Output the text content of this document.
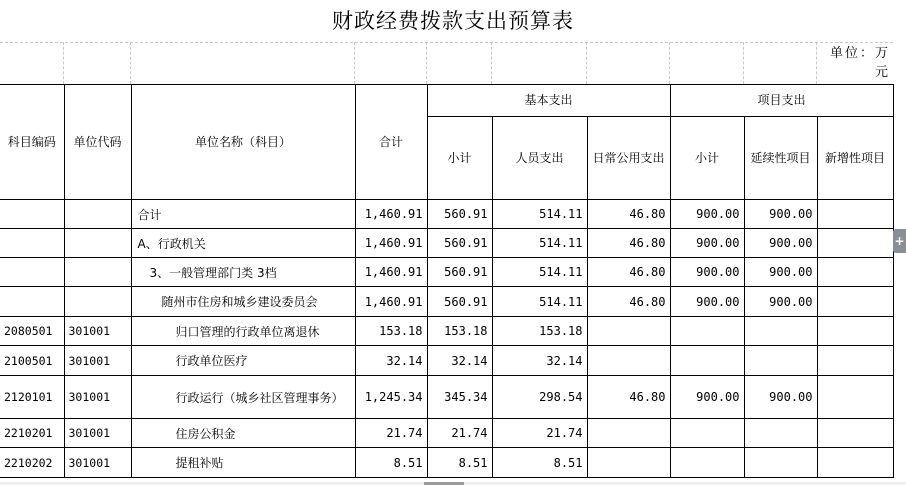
财政经费拨款支出预算表
单位：万元
科目编码	单位代码	单位名称（科目）	合计	基本支出			项目支出		
				小计	人员支出	日常公用支出	小计	延续性项目	新增性项目
		合计	1,460.91	560.91	514.11	46.80	900.00	900.00	
		A、行政机关	1,460.91	560.91	514.11	46.80	900.00	900.00	
		3、一般管理部门类 3档	1,460.91	560.91	514.11	46.80	900.00	900.00	
		随州市住房和城乡建设委员会	1,460.91	560.91	514.11	46.80	900.00	900.00	
2080501	301001	归口管理的行政单位离退休	153.18	153.18	153.18				
2100501	301001	行政单位医疗	32.14	32.14	32.14				
2120101	301001	行政运行（城乡社区管理事务）	1,245.34	345.34	298.54	46.80	900.00	900.00	
2210201	301001	住房公积金	21.74	21.74	21.74				
2210202	301001	提租补贴	8.51	8.51	8.51				
+
